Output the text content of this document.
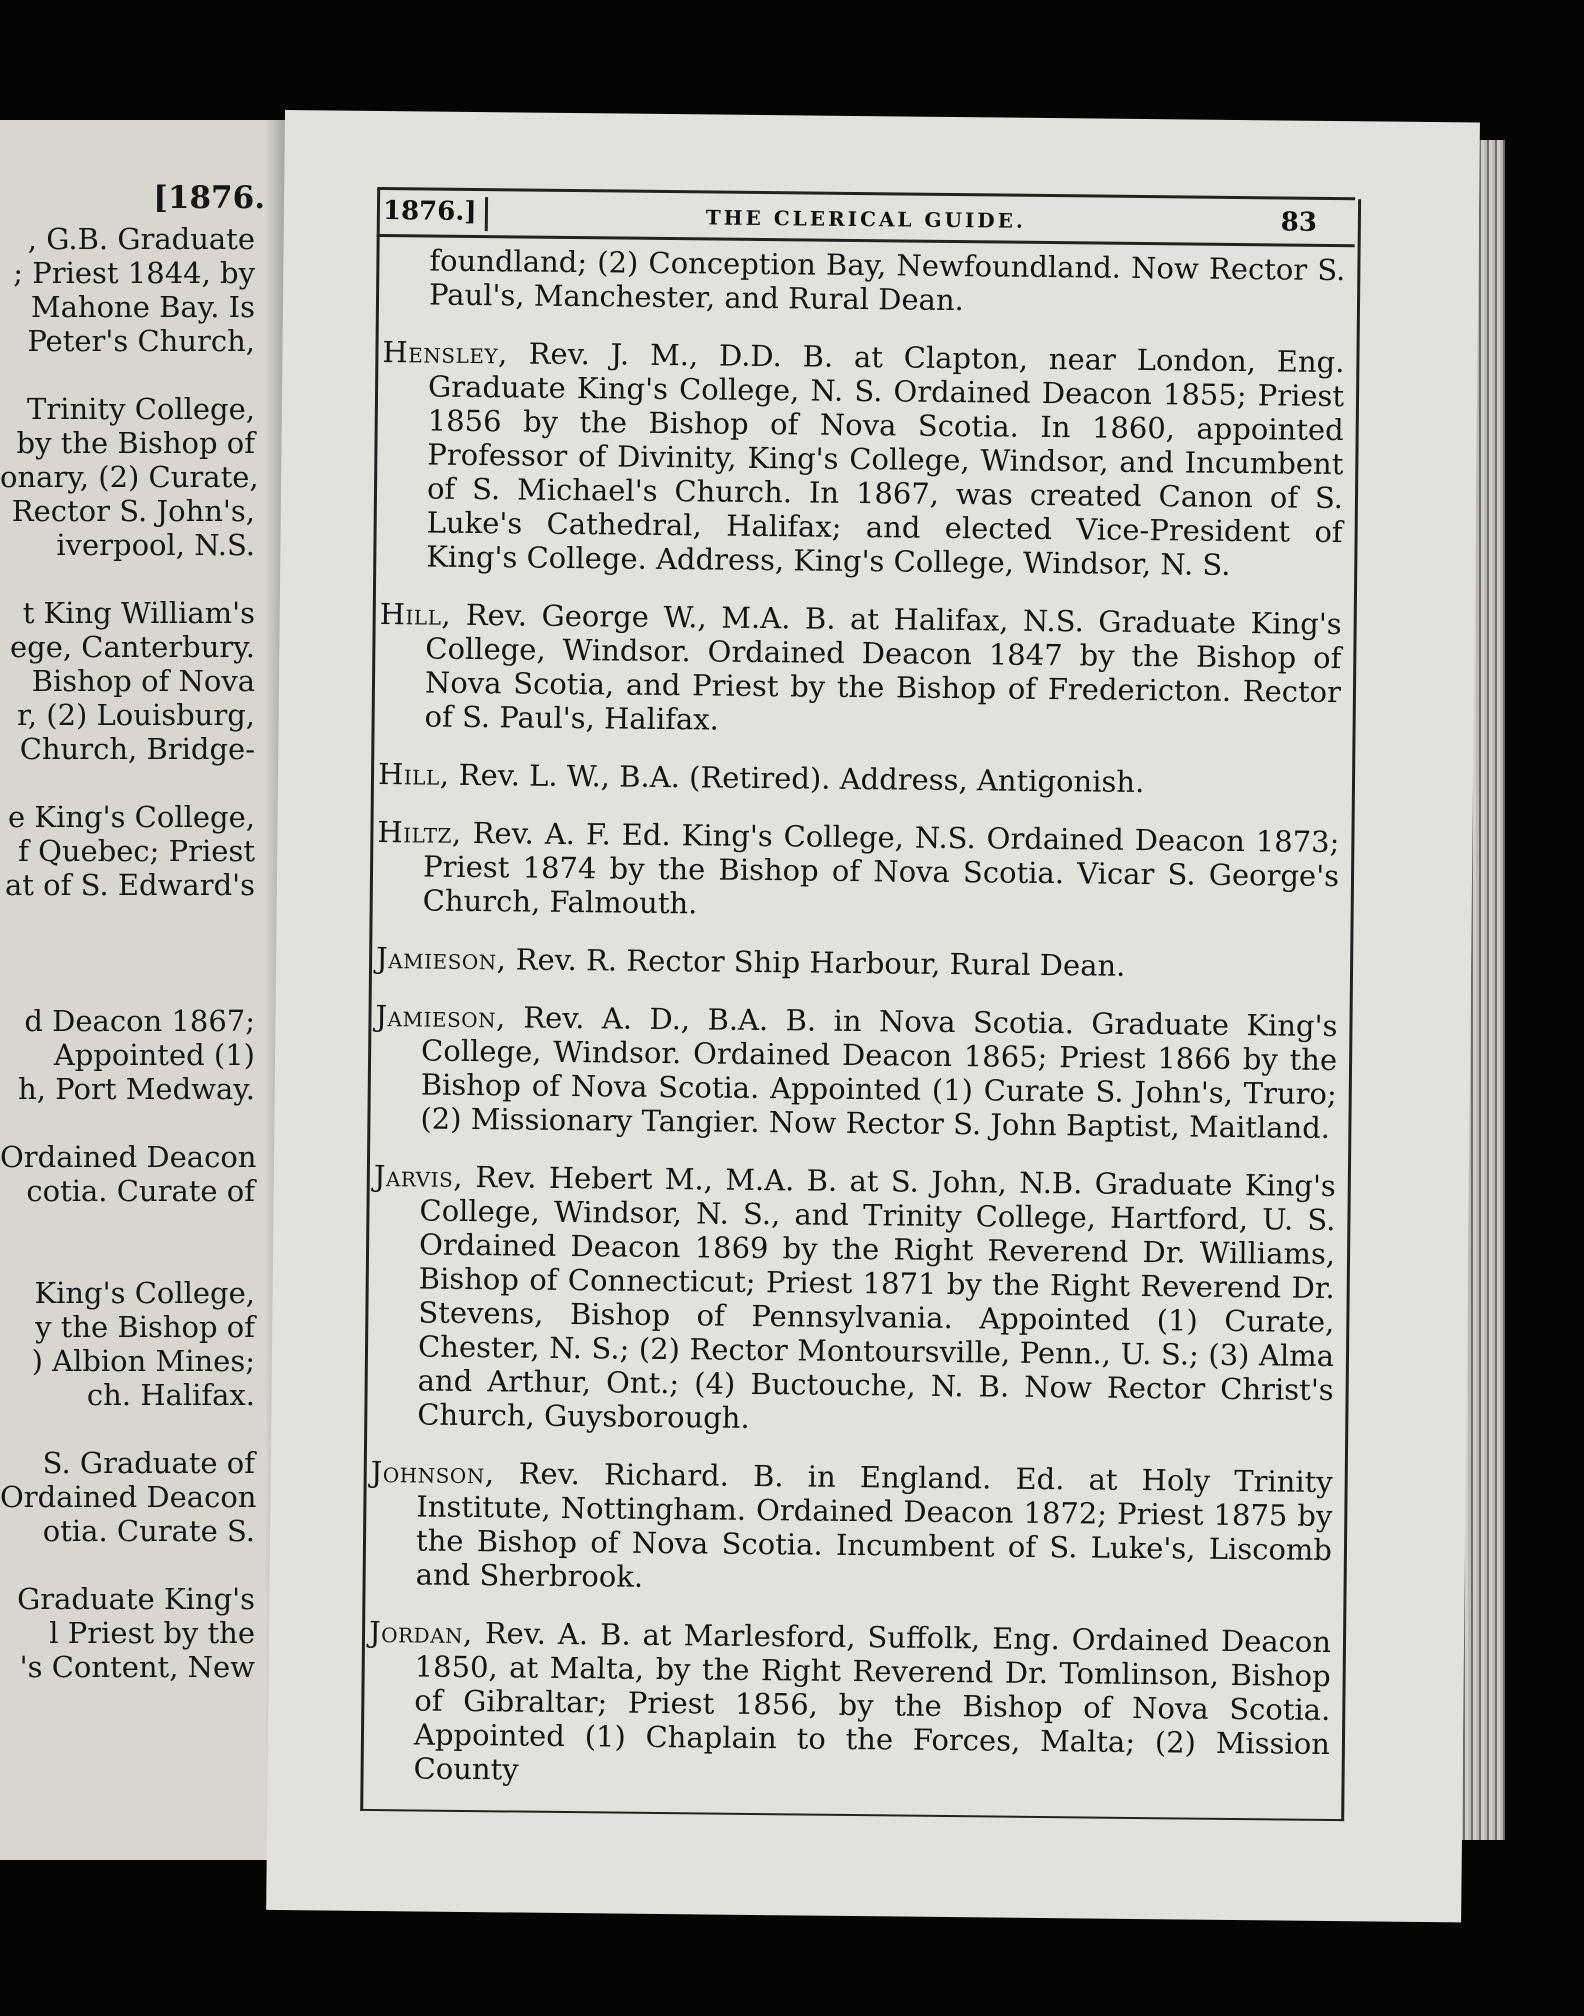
[1876.
, G.B. Graduate
; Priest 1844, by
Mahone Bay. Is
Peter's Church,
Trinity College,
by the Bishop of
onary, (2) Curate,
Rector S. John's,
iverpool, N.S.
t King William's
ege, Canterbury.
Bishop of Nova
r, (2) Louisburg,
Church, Bridge-
e King's College,
f Quebec; Priest
at of S. Edward's
d Deacon 1867;
Appointed (1)
h, Port Medway.
Ordained Deacon
cotia. Curate of
King's College,
y the Bishop of
) Albion Mines;
ch. Halifax.
S. Graduate of
Ordained Deacon
otia. Curate S.
Graduate King's
l Priest by the
's Content, New
1876.]	THE CLERICAL GUIDE.	83

foundland; (2) Conception Bay, Newfoundland. Now Rector S. Paul's, Manchester, and Rural Dean.

Hensley, Rev. J. M., D.D. B. at Clapton, near London, Eng. Graduate King's College, N. S. Ordained Deacon 1855; Priest 1856 by the Bishop of Nova Scotia. In 1860, appointed Professor of Divinity, King's College, Windsor, and Incumbent of S. Michael's Church. In 1867, was created Canon of S. Luke's Cathedral, Halifax; and elected Vice-President of King's College. Address, King's College, Windsor, N. S.

Hill, Rev. George W., M.A. B. at Halifax, N.S. Graduate King's College, Windsor. Ordained Deacon 1847 by the Bishop of Nova Scotia, and Priest by the Bishop of Fredericton. Rector of S. Paul's, Halifax.

Hill, Rev. L. W., B.A. (Retired). Address, Antigonish.

Hiltz, Rev. A. F. Ed. King's College, N.S. Ordained Deacon 1873; Priest 1874 by the Bishop of Nova Scotia. Vicar S. George's Church, Falmouth.

Jamieson, Rev. R. Rector Ship Harbour, Rural Dean.

Jamieson, Rev. A. D., B.A. B. in Nova Scotia. Graduate King's College, Windsor. Ordained Deacon 1865; Priest 1866 by the Bishop of Nova Scotia. Appointed (1) Curate S. John's, Truro; (2) Missionary Tangier. Now Rector S. John Baptist, Maitland.

Jarvis, Rev. Hebert M., M.A. B. at S. John, N.B. Graduate King's College, Windsor, N. S., and Trinity College, Hartford, U. S. Ordained Deacon 1869 by the Right Reverend Dr. Williams, Bishop of Connecticut; Priest 1871 by the Right Reverend Dr. Stevens, Bishop of Pennsylvania. Appointed (1) Curate, Chester, N. S.; (2) Rector Montoursville, Penn., U. S.; (3) Alma and Arthur, Ont.; (4) Buctouche, N. B. Now Rector Christ's Church, Guysborough.

Johnson, Rev. Richard. B. in England. Ed. at Holy Trinity Institute, Nottingham. Ordained Deacon 1872; Priest 1875 by the Bishop of Nova Scotia. Incumbent of S. Luke's, Liscomb and Sherbrook.

Jordan, Rev. A. B. at Marlesford, Suffolk, Eng. Ordained Deacon 1850, at Malta, by the Right Reverend Dr. Tomlinson, Bishop of Gibraltar; Priest 1856, by the Bishop of Nova Scotia. Appointed (1) Chaplain to the Forces, Malta; (2) Mission County
